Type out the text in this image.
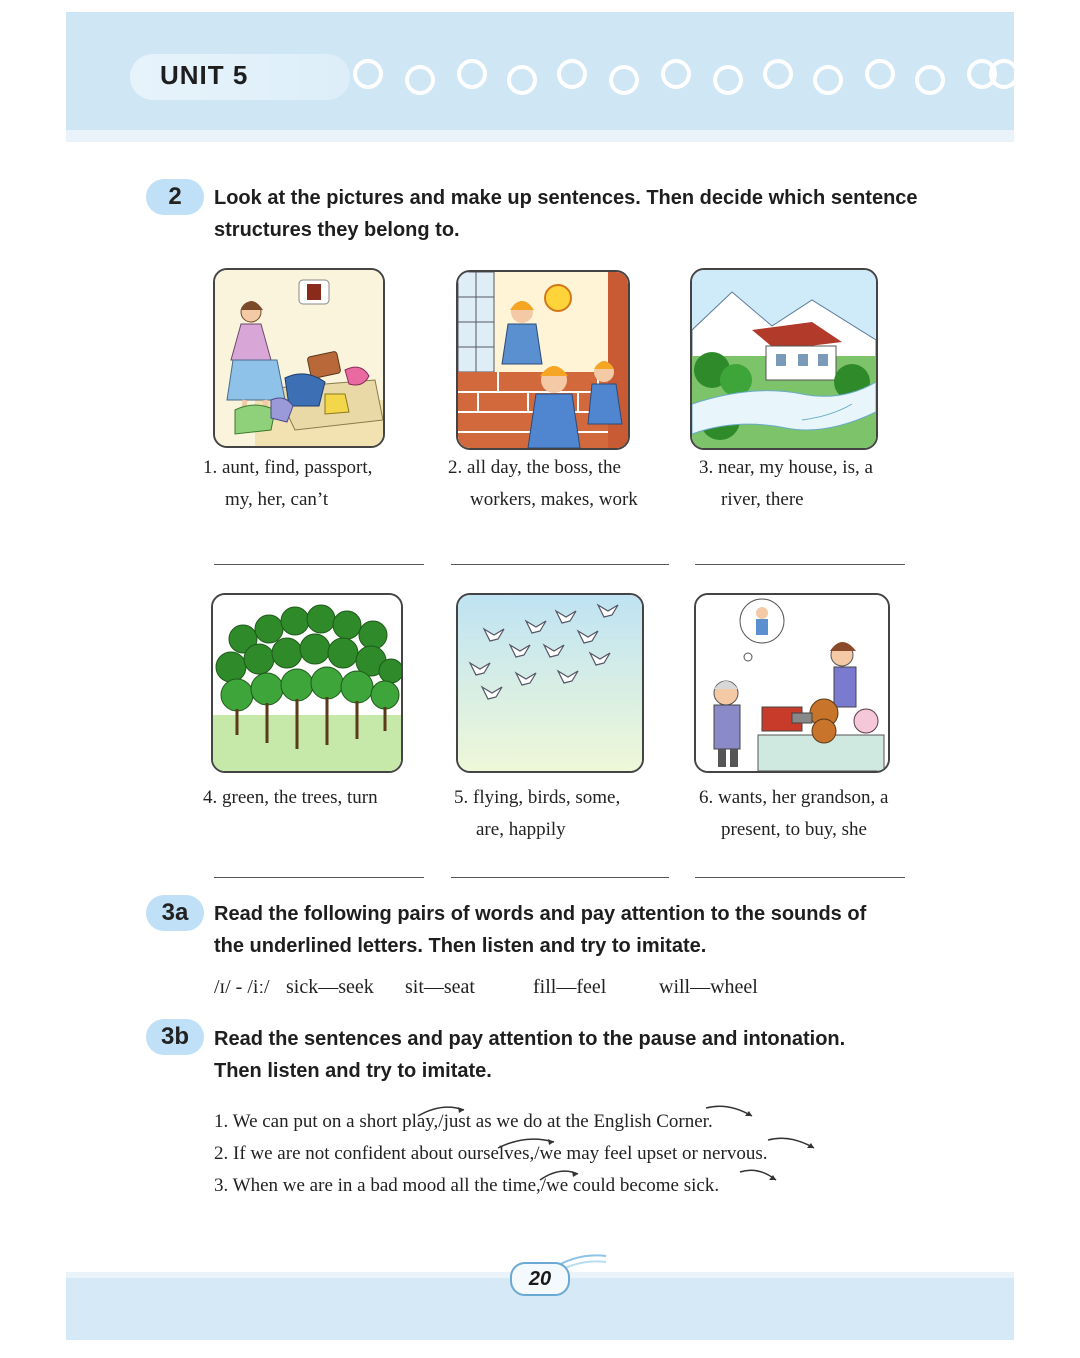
UNIT 5
2	Look at the pictures and make up sentences. Then decide which sentence
structures they belong to.
1. aunt, find, passport,
my, her, can’t
2. all day, the boss, the
workers, makes, work
3. near, my house, is, a
river, there
4. green, the trees, turn	5. flying, birds, some,
are, happily
6. wants, her grandson, a
present, to buy, she
3a	Read the following pairs of words and pay attention to the sounds of
the underlined letters. Then listen and try to imitate.
/ɪ/ - /iː/ sick—seek sit—seat	fill—feel	will—wheel
3b	Read the sentences and pay attention to the pause and intonation.
Then listen and try to imitate.
1. We can put on a short play,/just as we do at the English Corner.
2. If we are not confident about ourselves,/we may feel upset or nervous.
3. When we are in a bad mood all the time,/we could become sick.
20
